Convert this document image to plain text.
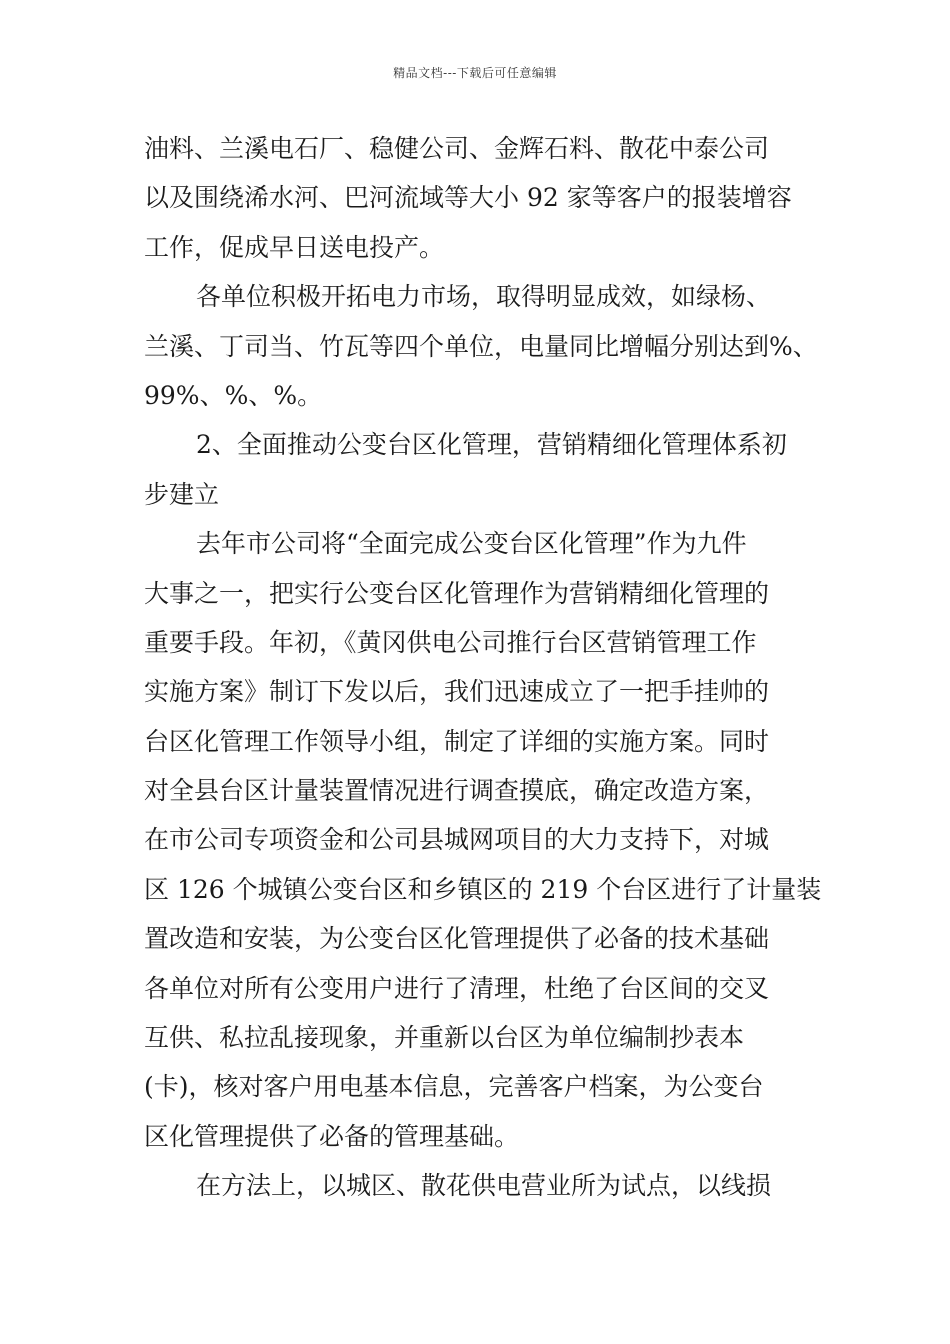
精品文档---下载后可任意编辑
油料、兰溪电石厂、稳健公司、金辉石料、散花中泰公司
以及围绕浠水河、巴河流域等大小 92 家等客户的报装增容
工作，促成早日送电投产。
各单位积极开拓电力市场，取得明显成效，如绿杨、
兰溪、丁司当、竹瓦等四个单位，电量同比增幅分别达到%、
99%、%、%。
2、全面推动公变台区化管理，营销精细化管理体系初
步建立
去年市公司将“全面完成公变台区化管理”作为九件
大事之一，把实行公变台区化管理作为营销精细化管理的
重要手段。年初，《黄冈供电公司推行台区营销管理工作
实施方案》制订下发以后，我们迅速成立了一把手挂帅的
台区化管理工作领导小组，制定了详细的实施方案。同时
对全县台区计量装置情况进行调查摸底，确定改造方案，
在市公司专项资金和公司县城网项目的大力支持下，对城
区 126 个城镇公变台区和乡镇区的 219 个台区进行了计量装
置改造和安装，为公变台区化管理提供了必备的技术基础
各单位对所有公变用户进行了清理，杜绝了台区间的交叉
互供、私拉乱接现象，并重新以台区为单位编制抄表本
(卡)，核对客户用电基本信息，完善客户档案，为公变台
区化管理提供了必备的管理基础。
在方法上，以城区、散花供电营业所为试点，以线损
